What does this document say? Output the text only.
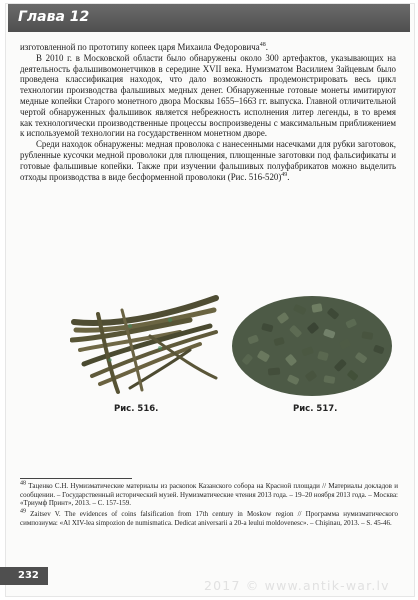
Глава 12

изготовленной по прототипу копеек царя Михаила Федоровича$^{48}$.

В 2010 г. в Московской области было обнаружены около 300 артефактов, указывающих на деятельность фальшивомонетчиков в середине XVII века. Нумизматом Василием Зайцевым было проведена классификация находок, что дало возможность продемонстрировать весь цикл технологии производства фальшивых медных денег. Обнаруженные готовые монеты имитируют медные копейки Старого монетного двора Москвы 1655–1663 гг. выпуска. Главной отличительной чертой обнаруженных фальшивок является небрежность исполнения литер легенды, в то время как технологически производственные процессы воспроизведены с максимальным приближением к используемой технологии на государственном монетном дворе.

Среди находок обнаружены: медная проволока с нанесенными насечками для рубки заготовок, рубленные кусочки медной проволоки для плющения, плющенные заготовки под фальсификаты и готовые фальшивые копейки. Также при изучении фальшивых полуфабрикатов можно выделить отходы производства в виде бесформенной проволоки (Рис. 516-520)$^{49}$.

Рис. 516.	Рис. 517.

$^{48}$ Таценко С.Н. Нумизматические материалы из раскопок Казанского собора на Красной площади // Материалы докладов и сообщении. – Государственный исторический музей. Нумизматические чтения 2013 года. – 19–20 ноября 2013 года. – Москва: «Триумф Принт», 2013. – С. 157-159.

$^{49}$ Zaitsev V. The evidences of coins falsification from 17th century in Moskow region // Программа нумизматического симпозиума: «Al XIV-lea simpozion de numismatica. Dedicat aniversarii a 20-a leului moldovenesc». – Chişinau, 2013. – S. 45-46.

232
2017 © www.antik-war.lv
